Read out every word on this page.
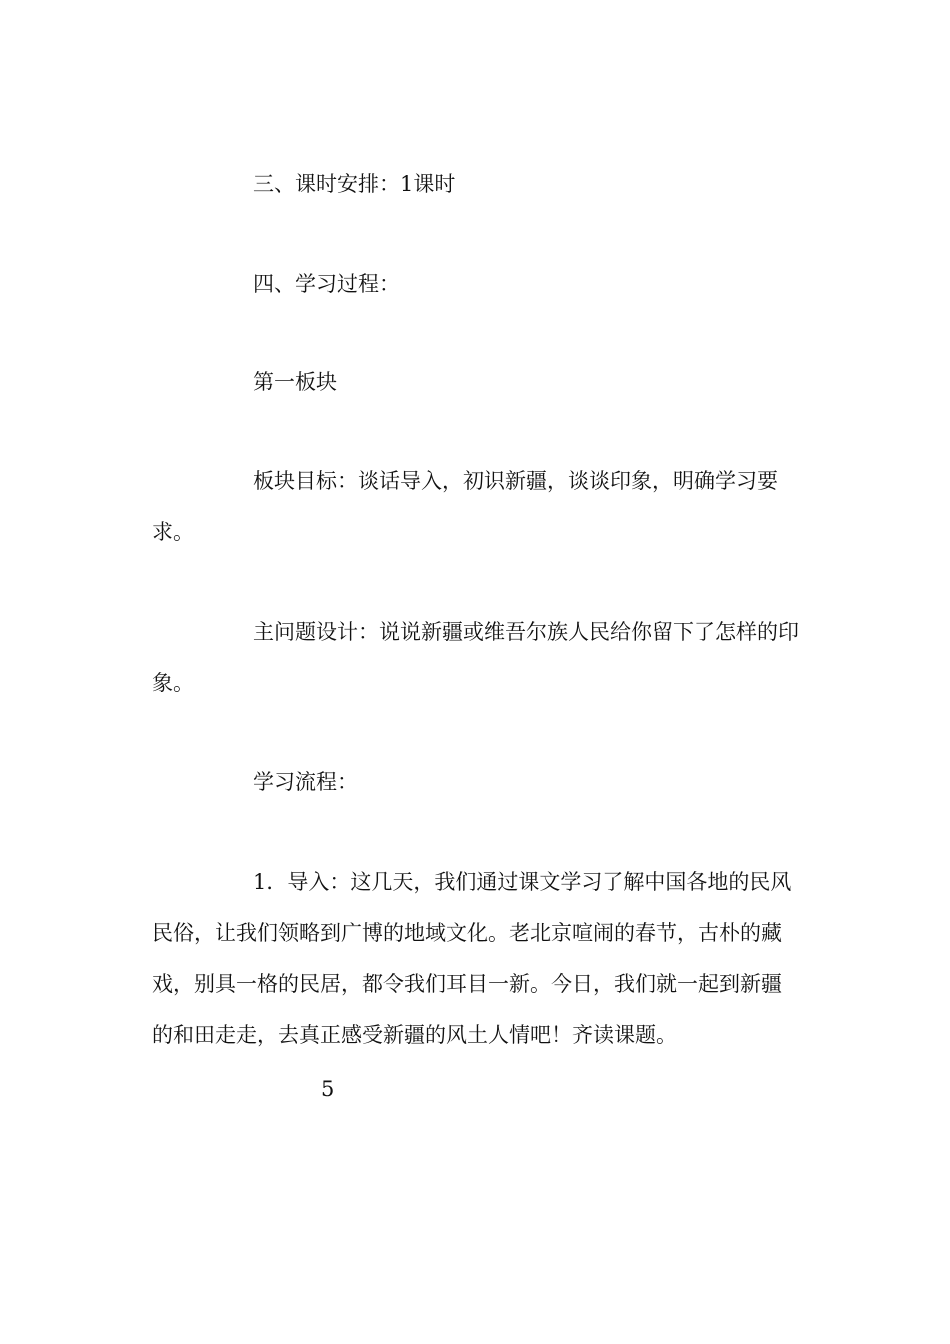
三、课时安排：1课时

四、学习过程：

第一板块

板块目标：谈话导入，初识新疆，谈谈印象，明确学习要求。

主问题设计：说说新疆或维吾尔族人民给你留下了怎样的印象。

学习流程：

1．导入：这几天，我们通过课文学习了解中国各地的民风民俗，让我们领略到广博的地域文化。老北京喧闹的春节，古朴的藏戏，别具一格的民居，都令我们耳目一新。今日，我们就一起到新疆的和田走走，去真正感受新疆的风土人情吧！齐读课题。

5
